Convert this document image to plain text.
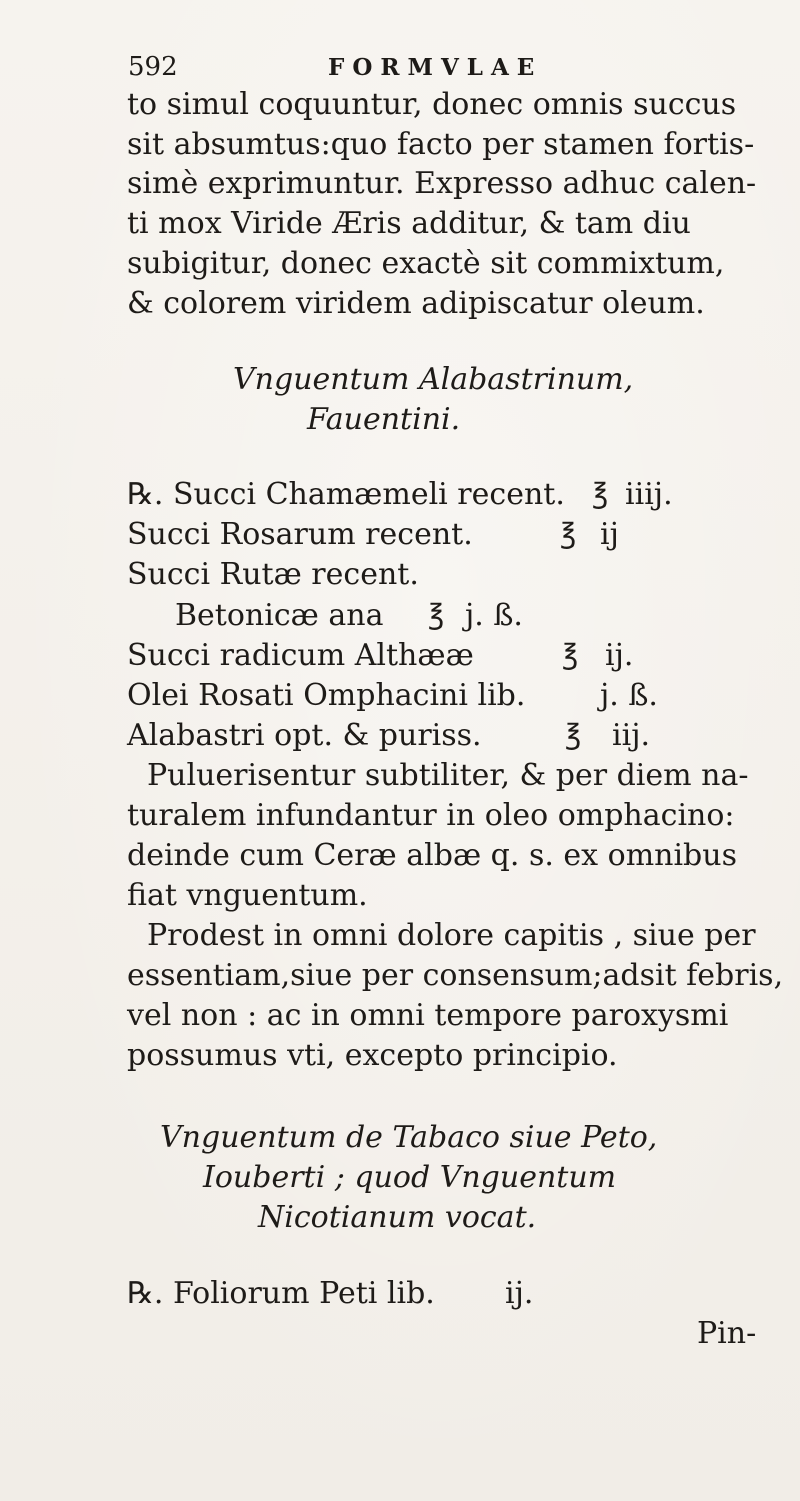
592	FORMVLAE
to simul coquuntur, donec omnis succus
sit absumtus:quo facto per stamen fortis-
simè exprimuntur. Expresso adhuc calen-
ti mox Viride Æris additur, & tam diu
subigitur, donec exactè sit commixtum,
& colorem viridem adipiscatur oleum.
Vnguentum Alabastrinum,
Fauentini.
℞. Succi Chamæmeli recent. ℥ iiij.
Succi Rosarum recent.	℥ ij
Succi Rutæ recent.
Betonicæ ana ℥ j. ß.
Succi radicum Althææ	℥ ij.
Olei Rosati Omphacini lib. j. ß.
Alabastri opt. & puriss.	℥ iij.
Puluerisentur subtiliter, & per diem na-
turalem infundantur in oleo omphacino:
deinde cum Ceræ albæ q. s. ex omnibus
fiat vnguentum.
Prodest in omni dolore capitis , siue per
essentiam,siue per consensum;adsit febris,
vel non : ac in omni tempore paroxysmi
possumus vti, excepto principio.
Vnguentum de Tabaco siue Peto,
Iouberti ; quod Vnguentum
Nicotianum vocat.
℞. Foliorum Peti lib. ij.
Pin-
